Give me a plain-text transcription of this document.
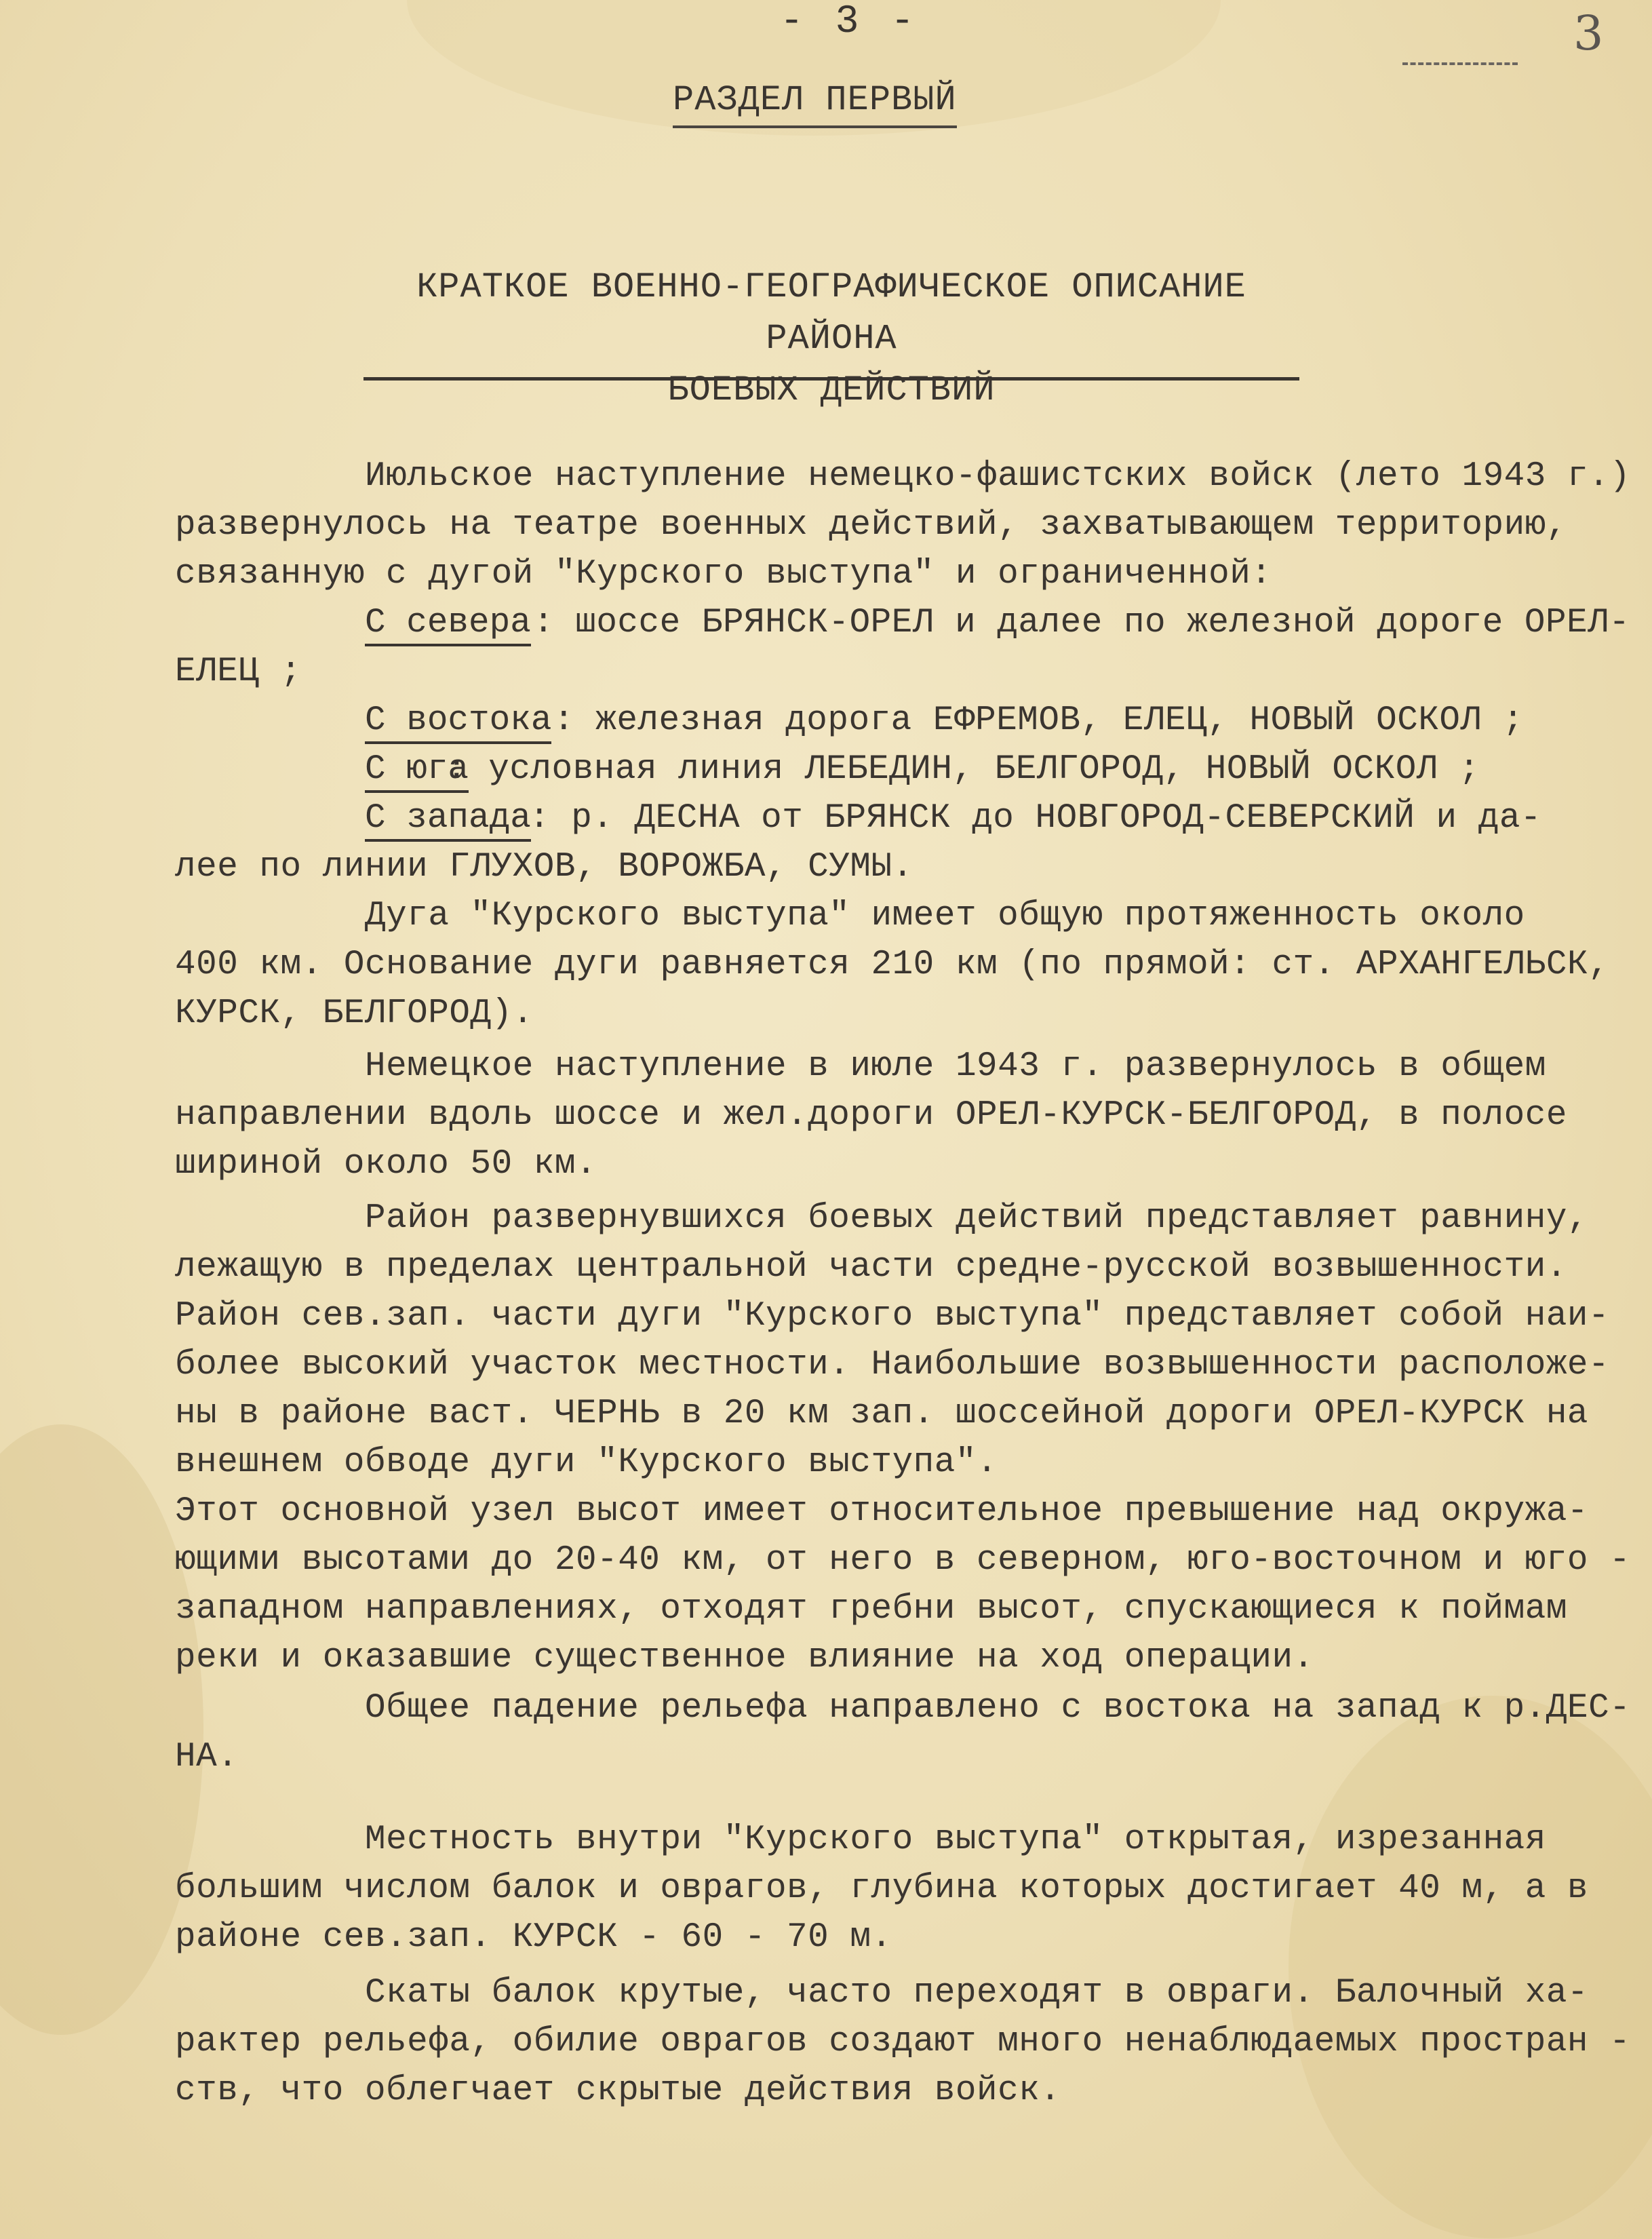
- 3 -	3
РАЗДЕЛ ПЕРВЫЙ
КРАТКОЕ ВОЕННО-ГЕОГРАФИЧЕСКОЕ ОПИСАНИЕ РАЙОНА
БОЕВЫХ ДЕЙСТВИЙ
Июльское наступление немецко-фашистских войск (лето 1943 г.)
развернулось на театре военных действий, захватывающем территорию,
связанную с дугой "Курского выступа" и ограниченной:
С севера : шоссе БРЯНСК-ОРЕЛ и далее по железной дороге ОРЕЛ-
ЕЛЕЦ ;
С востока : железная дорога ЕФРЕМОВ, ЕЛЕЦ, НОВЫЙ ОСКОЛ ;
С юга
: условная линия ЛЕБЕДИН, БЕЛГОРОД, НОВЫЙ ОСКОЛ ;
С запада
: р. ДЕСНА от БРЯНСК до НОВГОРОД-СЕВЕРСКИЙ и да-
лее по линии ГЛУХОВ, ВОРОЖБА, СУМЫ.
Дуга "Курского выступа" имеет общую протяженность около
400 км. Основание дуги равняется 210 км (по прямой: ст. АРХАНГЕЛЬСК,
КУРСК, БЕЛГОРОД).
Немецкое наступление в июле 1943 г. развернулось в общем
направлении вдоль шоссе и жел.дороги ОРЕЛ-КУРСК-БЕЛГОРОД, в полосе
шириной около 50 км.
Район развернувшихся боевых действий представляет равнину,
лежащую в пределах центральной части средне-русской возвышенности.
Район сев.зап. части дуги "Курского выступа" представляет собой наи-
более высокий участок местности. Наибольшие возвышенности расположе-
ны в районе ваcт. ЧЕРНЬ в 20 км зап. шоссейной дороги ОРЕЛ-КУРСК на
внешнем обводе дуги "Курского выступа".
Этот основной узел высот имеет относительное превышение над окружа-
ющими высотами до 20-40 км, от него в северном, юго-восточном и юго -
западном направлениях, отходят гребни высот, спускающиеся к поймам
реки и оказавшие существенное влияние на ход операции.
Общее падение рельефа направлено с востока на запад к р.ДЕС-
НА.
Местность внутри "Курского выступа" открытая, изрезанная
большим числом балок и оврагов, глубина которых достигает 40 м, а в
районе сев.зап. КУРСК - 60 - 70 м.
Скаты балок крутые, часто переходят в овраги. Балочный ха-
рактер рельефа, обилие оврагов создают много ненаблюдаемых простран -
ств, что облегчает скрытые действия войск.
